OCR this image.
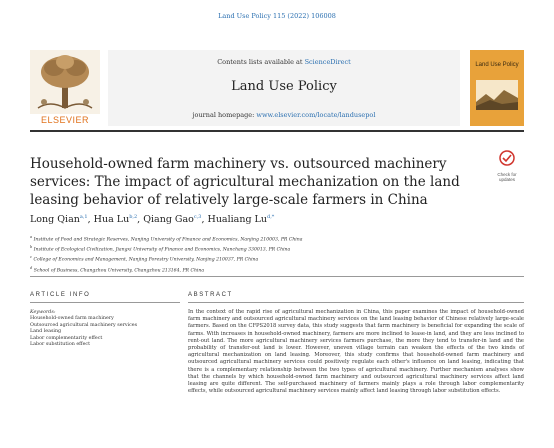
Land Use Policy 115 (2022) 106008
ELSEVIER
Contents lists available at ScienceDirect
Land Use Policy
journal homepage: www.elsevier.com/locate/landusepol
Land Use Policy
Household-owned farm machinery vs. outsourced machinery services: The impact of agricultural mechanization on the land leasing behavior of relatively large-scale farmers in China
Check for updates
Long Qian$^{a,1}$, Hua Lu$^{b,2}$, Qiang Gao$^{c,3}$, Hualiang $Lu^{d,*}$
$^a$ Institute of Food and Strategic Reserves, Nanjing University of Finance and Economics, Nanjing 210003, PR China
$^b$ Institute of Ecological Civilization, Jiangxi University of Finance and Economics, Nanchang 330013, PR China
$^c$ College of Economics and Management, Nanjing Forestry University, Nanjing 210037, PR China
$^d$ School of Business, Changzhou University, Changzhou 213164, PR China
ARTICLE INFO
Keywords:
Household-owned farm machinery
Outsourced agricultural machinery services
Land leasing
Labor complementarity effect
Labor substitution effect
ABSTRACT
In the context of the rapid rise of agricultural mechanization in China, this paper examines the impact of household-owned farm machinery and outsourced agricultural machinery services on the land leasing behavior of Chinese relatively large-scale farmers. Based on the CFPS2018 survey data, this study suggests that farm machinery is beneficial for expanding the scale of farms. With increases in household-owned machinery, farmers are more inclined to lease-in land, and they are less inclined to rent-out land. The more agricultural machinery services farmers purchase, the more they tend to transfer-in land and the probability of transfer-out land is lower. However, uneven village terrain can weaken the effects of the two kinds of agricultural mechanization on land leasing. Moreover, this study confirms that household-owned farm machinery and outsourced agricultural machinery services could positively regulate each other's influence on land leasing, indicating that there is a complementary relationship between the two types of agricultural machinery. Further mechanism analyses show that the channels by which household-owned farm machinery and outsourced agricultural machinery services affect land leasing are quite different. The self-purchased machinery of farmers mainly plays a role through labor complementarity effects, while outsourced agricultural machinery services mainly affect land leasing through labor substitution effects.
